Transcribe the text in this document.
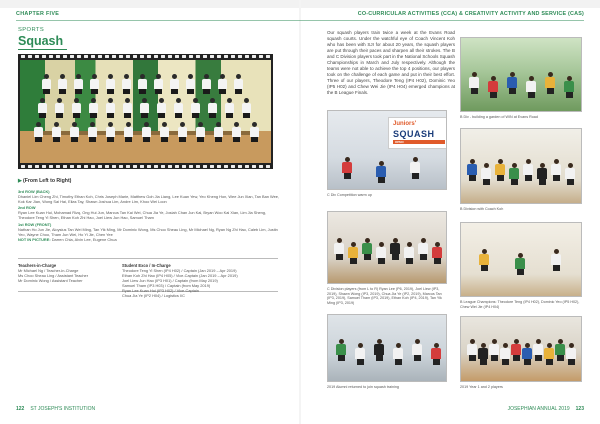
CHAPTER FIVE	CO-CURRICULAR ACTIVITIES (CCA) & CREATIVITY ACTIVITY AND SERVICE (CAS)
SPORTS
Squash
▶(From Left to Right)
3rd ROW (BACK)
Dhaniel Lim Cheng Zhi, Timothy Ethan Koh, Chris Joseph Marie, Matthew Goh Jia Liang, Lee Kuan Yew, Yeo Kheng Hon, Wee Jun Xian, Tan Ban Wee, Kok Kar Jian, Wong Sai Hai, Elias Tay, Shawn Joshua Lim, Andre Lim, Khoo Wei Loon
2nd ROW
Ryan Lee Kuan Hui, Mohamad Rizq, Ong Hui Jun, Marcus Tan Kai Wei, Chua Jia Ye, Josiah Chan Jun Kai, Bryan Woo Kai Xian, Lim Jia Sheng, Theodore Teng Yi Shen, Ethan Koh Zhi Hao, Joel Liew Jun Hao, Samuel Tham
1st ROW (FRONT)
Nathan Ho Jun Jie, Aloysius Tan Wei Ming, Tan Yik Ming, Mr Dominic Wong, Ms Choo Sheau Ling, Mr Michael Ng, Ryan Ng Zhi Hao, Caleb Lim, Justin Yeo, Wayne Choo, Tham Jun Wei, Ho Yi Jie, Chen Yee
NOT IN PICTURE: Darren Chia, Alvin Lee, Eugene Chua
Teachers-in-Charge
Mr Michael Ng / Teacher-in-Charge
Ms Choo Sheau Ling / Assistant Teacher
Mr Dominic Wong / Assistant Teacher
Student Exco / In-Charge
Theodore Teng Yi Shen (IP4 H02) / Captain (Jan 2019 – Apr 2019)
Ethan Koh Zhi Hao (IP4 H05) / Vice-Captain (Jan 2019 – Apr 2019)
Joel Liew Jun Hao (IP3 H01) / Captain (from May 2019)
Samuel Tham (IP3 H03) / Captain (from May 2019)
Ryan Lee Kuan Hui (IP3 H02) / Vice-Captain
Chua Jia Ye (IP2 H04) / Logistics I/C
122 ST JOSEPH'S INSTITUTION
Our squash players train twice a week at the Evans Road squash courts. Under the watchful eye of Coach Vincent Koh who has been with SJI for about 20 years, the squash players are put through their paces and sharpen all their strokes. The B and C Division players took part in the National Schools Squash Championships in March and July respectively. Although the teams were not able to achieve the top 4 positions, our players took on the challenge of each game and put in their best effort. Three of our players, Theodore Teng (IP4 H02), Dominic Yeo (IP5 H02) and Chew Wei Jie (IP4 H04) emerged champions at the B League Finals.
B Div - building a garden of WIN at Evans Road
Juniors'
SQUASH
OPEN
C Div Competition warm up
B Division with Coach Koh
C Division players (from L to R) Ryan Lee (P6, 2019), Joel Liew (IP3, 2019), Shawn Wong (IP3, 2019), Chua Jia Ye (IP2, 2019), Marcus Tan (IP3, 2019), Samuel Tham (IP3, 2019), Ethan Koh (IP4, 2019), Tan Yik Ming (IP3, 2019)	B League Champions: Theodore Teng (IP4 H02), Dominic Yeo (IP5 H02), Chew Wei Jie (IP4 H04)
2019 Alumni returned to join squash training	2019 Year 1 and 2 players
JOSEPHIAN ANNUAL 2019 123
